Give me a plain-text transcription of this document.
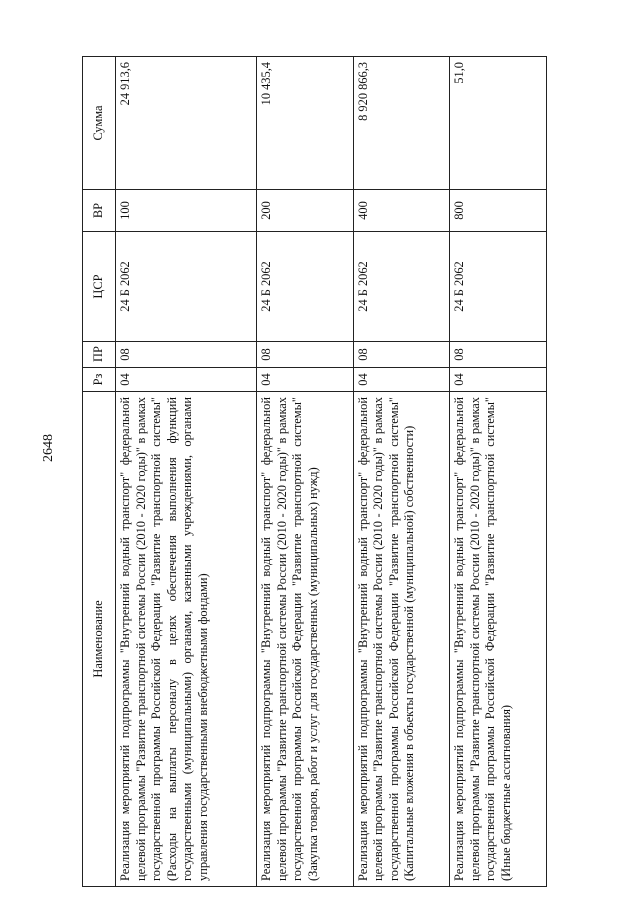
2648
Наименование	Рз	ПР	ЦСР	ВР	Сумма
Реализация мероприятий подпрограммы "Внутренний водный транспорт" федеральной целевой программы "Развитие транспортной системы России (2010 - 2020 годы)" в рамках государственной программы Российской Федерации "Развитие транспортной системы" (Расходы на выплаты персоналу в целях обеспечения выполнения функций государственными (муниципальными) органами, казенными учреждениями, органами управления государственными внебюджетными фондами)	04	08	24 Б 2062	100	24 913,6
Реализация мероприятий подпрограммы "Внутренний водный транспорт" федеральной целевой программы "Развитие транспортной системы России (2010 - 2020 годы)" в рамках государственной программы Российской Федерации "Развитие транспортной системы" (Закупка товаров, работ и услуг для государственных (муниципальных) нужд)	04	08	24 Б 2062	200	10 435,4
Реализация мероприятий подпрограммы "Внутренний водный транспорт" федеральной целевой программы "Развитие транспортной системы России (2010 - 2020 годы)" в рамках государственной программы Российской Федерации "Развитие транспортной системы" (Капитальные вложения в объекты государственной (муниципальной) собственности)	04	08	24 Б 2062	400	8 920 866,3
Реализация мероприятий подпрограммы "Внутренний водный транспорт" федеральной целевой программы "Развитие транспортной системы России (2010 - 2020 годы)" в рамках государственной программы Российской Федерации "Развитие транспортной системы" (Иные бюджетные ассигнования)	04	08	24 Б 2062	800	51,0
